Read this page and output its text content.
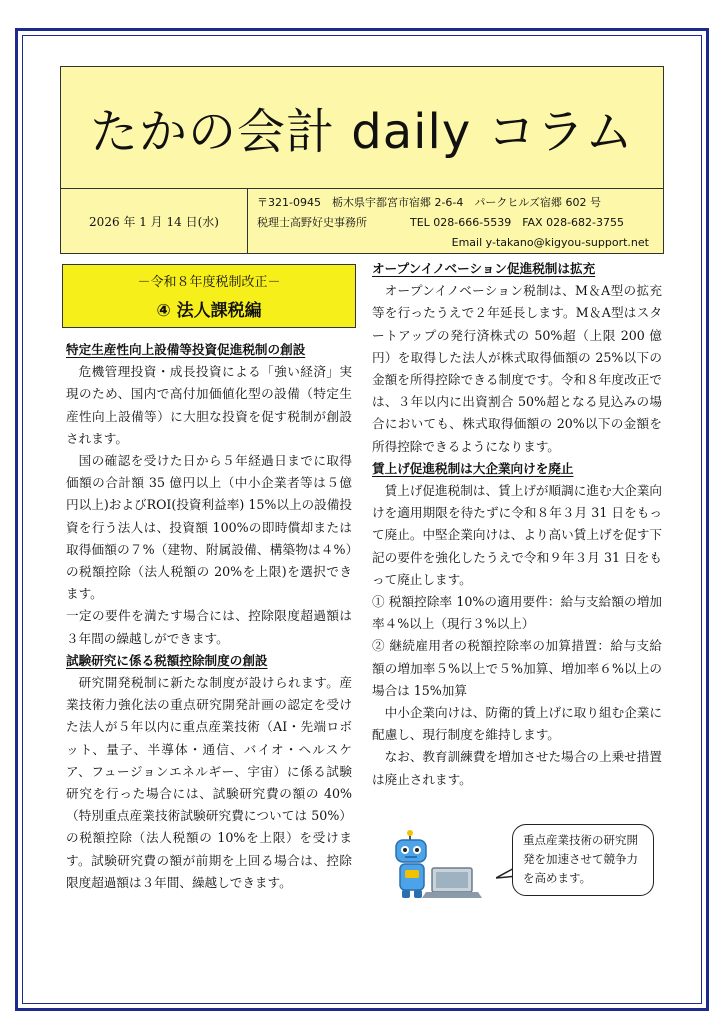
たかの会計 daily コラム
2026 年 1 月 14 日(水)
〒321-0945　栃木県宇都宮市宿郷 2-6-4　パークヒルズ宿郷 602 号
税理士高野好史事務所	TEL 028-666-5539　FAX 028-682-3755
Email y-takano@kigyou-support.net
－令和８年度税制改正－
④ 法人課税編
特定生産性向上設備等投資促進税制の創設

危機管理投資・成長投資による「強い経済」実現のため、国内で高付加価値化型の設備（特定生産性向上設備等）に大胆な投資を促す税制が創設されます。

国の確認を受けた日から５年経過日までに取得価額の合計額 35 億円以上（中小企業者等は５億円以上)およびROI(投資利益率) 15%以上の設備投資を行う法人は、投資額 100%の即時償却または取得価額の７%（建物、附属設備、構築物は４%）の税額控除（法人税額の 20%を上限)を選択できます。

一定の要件を満たす場合には、控除限度超過額は３年間の繰越しができます。

試験研究に係る税額控除制度の創設

研究開発税制に新たな制度が設けられます。産業技術力強化法の重点研究開発計画の認定を受けた法人が５年以内に重点産業技術（AI・先端ロボット、量子、半導体・通信、バイオ・ヘルスケア、フュージョンエネルギー、宇宙）に係る試験研究を行った場合には、試験研究費の額の 40%（特別重点産業技術試験研究費については 50%）の税額控除（法人税額の 10%を上限）を受けます。試験研究費の額が前期を上回る場合は、控除限度超過額は３年間、繰越しできます。

オープンイノベーション促進税制は拡充

オープンイノベーション税制は、M＆A型の拡充等を行ったうえで２年延長します。M＆A型はスタートアップの発行済株式の 50%超（上限 200 億円）を取得した法人が株式取得価額の 25%以下の金額を所得控除できる制度です。令和８年度改正では、３年以内に出資割合 50%超となる見込みの場合においても、株式取得価額の 20%以下の金額を所得控除できるようになります。

賃上げ促進税制は大企業向けを廃止

賃上げ促進税制は、賃上げが順調に進む大企業向けを適用期限を待たずに令和８年３月 31 日をもって廃止。中堅企業向けは、より高い賃上げを促す下記の要件を強化したうえで令和９年３月 31 日をもって廃止します。

① 税額控除率 10%の適用要件：給与支給額の増加率４%以上（現行３%以上）

② 継続雇用者の税額控除率の加算措置：給与支給額の増加率５%以上で５%加算、増加率６%以上の場合は 15%加算

中小企業向けは、防衛的賃上げに取り組む企業に配慮し、現行制度を維持します。

なお、教育訓練費を増加させた場合の上乗せ措置は廃止されます。

重点産業技術の研究開発を加速させて競争力を高めます。
